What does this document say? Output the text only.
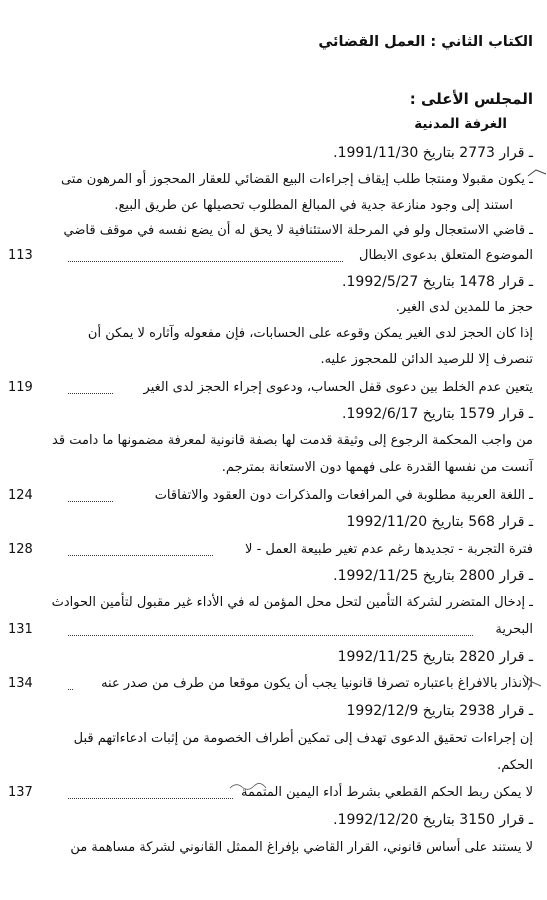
الكتاب الثاني : العمل القضائي
المجلس الأعلى :
الغرفة المدنية
ـ قرار 2773 بتاريخ 1991/11/30.
ـ يكون مقبولا ومنتجا طلب إيقاف إجراءات البيع القضائي للعقار المحجوز أو المرهون متى
استند إلى وجود منازعة جدية في المبالغ المطلوب تحصيلها عن طريق البيع.
ـ قاضي الاستعجال ولو في المرحلة الاستئنافية لا يحق له أن يضع نفسه في موقف قاضي
113	الموضوع المتعلق بدعوى الابطال
ـ قرار 1478 بتاريخ 1992/5/27.
حجز ما للمدين لدى الغير.
إذا كان الحجز لدى الغير يمكن وقوعه على الحسابات، فإن مفعوله وآثاره لا يمكن أن
تنصرف إلا للرصيد الدائن للمحجوز عليه.
119	يتعين عدم الخلط بين دعوى قفل الحساب، ودعوى إجراء الحجز لدى الغير
ـ قرار 1579 بتاريخ 1992/6/17.
من واجب المحكمة الرجوع إلى وثيقة قدمت لها بصفة قانونية لمعرفة مضمونها ما دامت قد
آنست من نفسها القدرة على فهمها دون الاستعانة بمترجم.
124	ـ اللغة العربية مطلوبة في المرافعات والمذكرات دون العقود والاتفاقات
ـ قرار 568 بتاريخ 1992/11/20
128	فترة التجربة - تجديدها رغم عدم تغير طبيعة العمل - لا
ـ قرار 2800 بتاريخ 1992/11/25.
ـ إدخال المتضرر لشركة التأمين لتحل محل المؤمن له في الأداء غير مقبول لتأمين الحوادث
131	البحرية
ـ قرار 2820 بتاريخ 1992/11/25
134	الانذار بالافراغ باعتباره تصرفا قانونيا يجب أن يكون موقعا من طرف من صدر عنه
ـ قرار 2938 بتاريخ 1992/12/9
إن إجراءات تحقيق الدعوى تهدف إلى تمكين أطراف الخصومة من إثبات ادعاءاتهم قبل
الحكم.
137	لا يمكن ربط الحكم القطعي بشرط أداء اليمين المتممة
ـ قرار 3150 بتاريخ 1992/12/20.
لا يستند على أساس قانوني، القرار القاضي بإفراغ الممثل القانوني لشركة مساهمة من
